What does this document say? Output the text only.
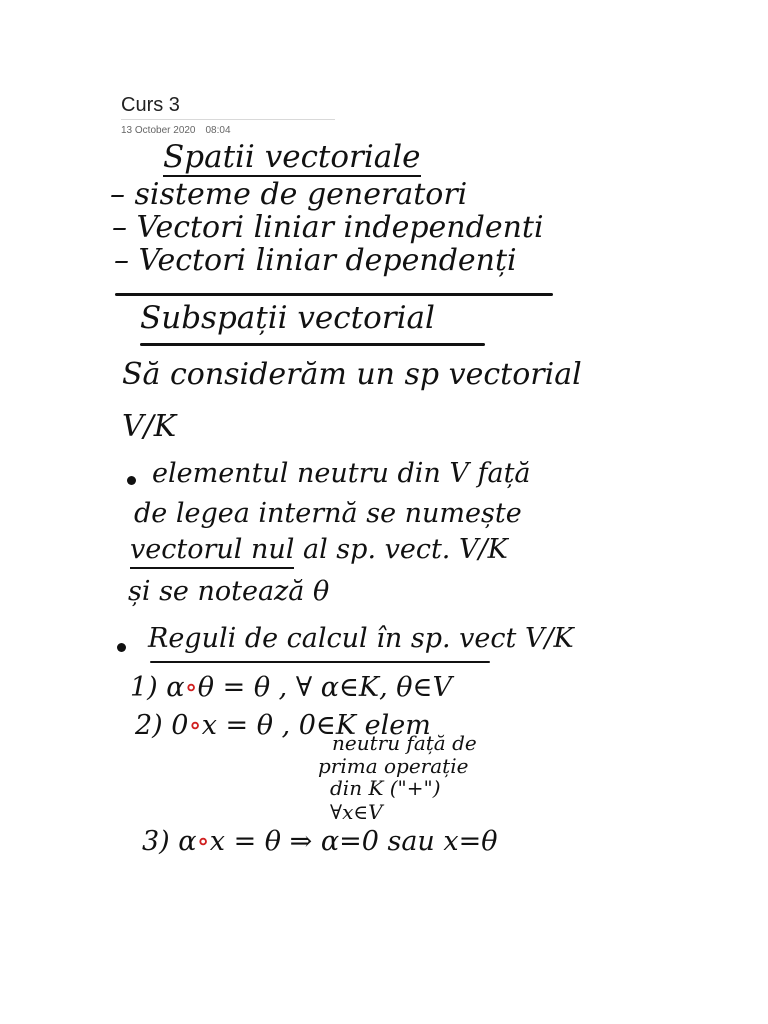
Curs 3
13 October 2020 08:04
Spatii vectoriale
– sisteme de generatori
– Vectori liniar independenti
– Vectori liniar dependenți
Subspații vectorial
Să considerăm un sp vectorial
V/K
elementul neutru din V față
de legea internă se numește
vectorul nul al sp. vect. V/K
și se notează θ
Reguli de calcul în sp. vect V/K
1) α∘θ = θ , ∀ α∈K, θ∈V
2) 0∘x = θ , 0∈K elem
neutru față de
prima operație
din K ("+")
∀x∈V
3) α∘x = θ ⇒ α=0 sau x=θ
